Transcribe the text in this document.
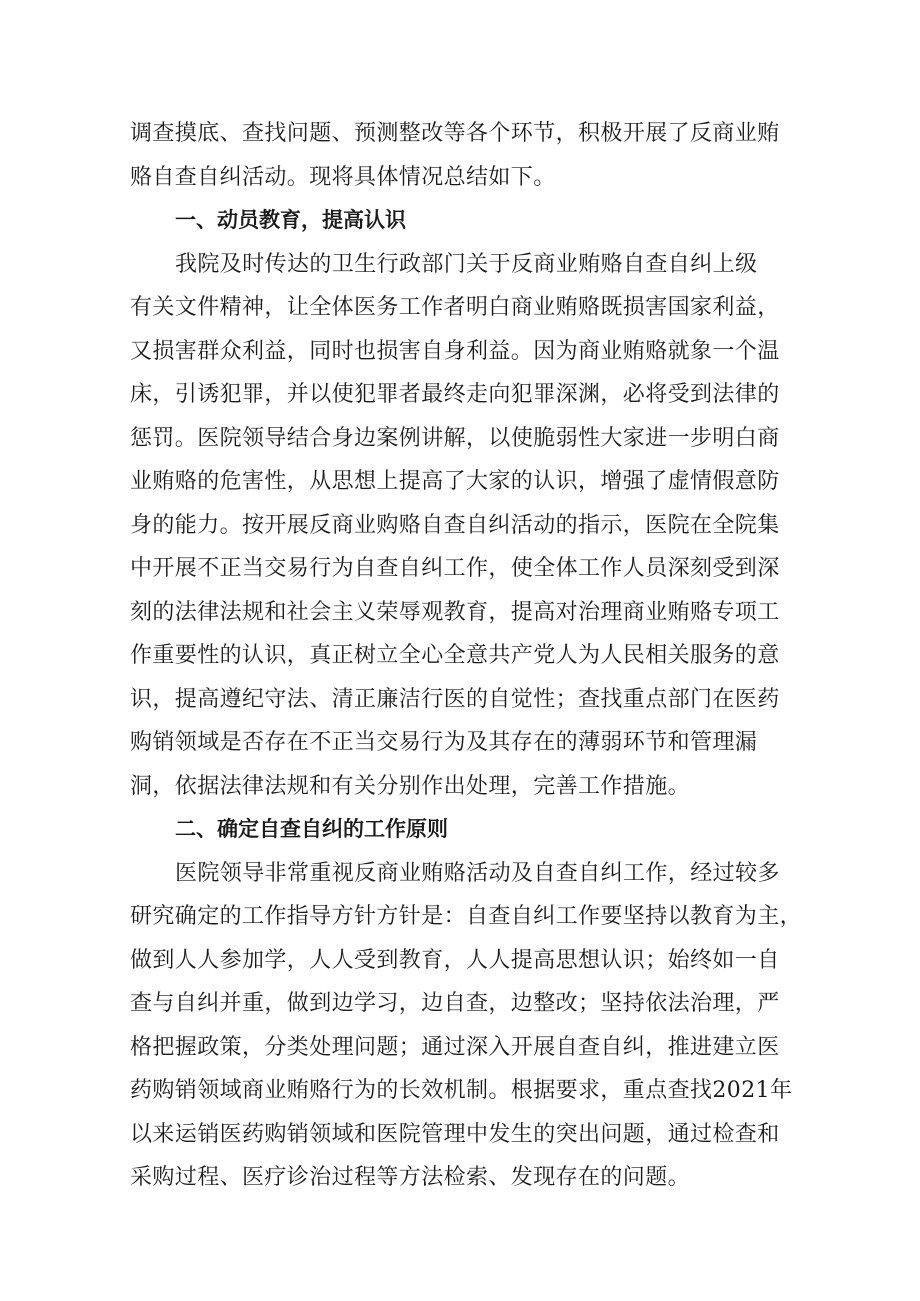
调查摸底、查找问题、预测整改等各个环节，积极开展了反商业贿
赂自查自纠活动。现将具体情况总结如下。
一、动员教育，提高认识
我院及时传达的卫生行政部门关于反商业贿赂自查自纠上级
有关文件精神，让全体医务工作者明白商业贿赂既损害国家利益，
又损害群众利益，同时也损害自身利益。因为商业贿赂就象一个温
床，引诱犯罪，并以使犯罪者最终走向犯罪深渊，必将受到法律的
惩罚。医院领导结合身边案例讲解，以使脆弱性大家进一步明白商
业贿赂的危害性，从思想上提高了大家的认识，增强了虚情假意防
身的能力。按开展反商业购赂自查自纠活动的指示，医院在全院集
中开展不正当交易行为自查自纠工作，使全体工作人员深刻受到深
刻的法律法规和社会主义荣辱观教育，提高对治理商业贿赂专项工
作重要性的认识，真正树立全心全意共产党人为人民相关服务的意
识，提高遵纪守法、清正廉洁行医的自觉性；查找重点部门在医药
购销领域是否存在不正当交易行为及其存在的薄弱环节和管理漏
洞，依据法律法规和有关分别作出处理，完善工作措施。
二、确定自查自纠的工作原则
医院领导非常重视反商业贿赂活动及自查自纠工作，经过较多
研究确定的工作指导方针方针是：自查自纠工作要坚持以教育为主，
做到人人参加学，人人受到教育，人人提高思想认识；始终如一自
查与自纠并重，做到边学习，边自查，边整改；坚持依法治理，严
格把握政策，分类处理问题；通过深入开展自查自纠，推进建立医
药购销领域商业贿赂行为的长效机制。根据要求，重点查找2021年
以来运销医药购销领域和医院管理中发生的突出问题，通过检查和
采购过程、医疗诊治过程等方法检索、发现存在的问题。
